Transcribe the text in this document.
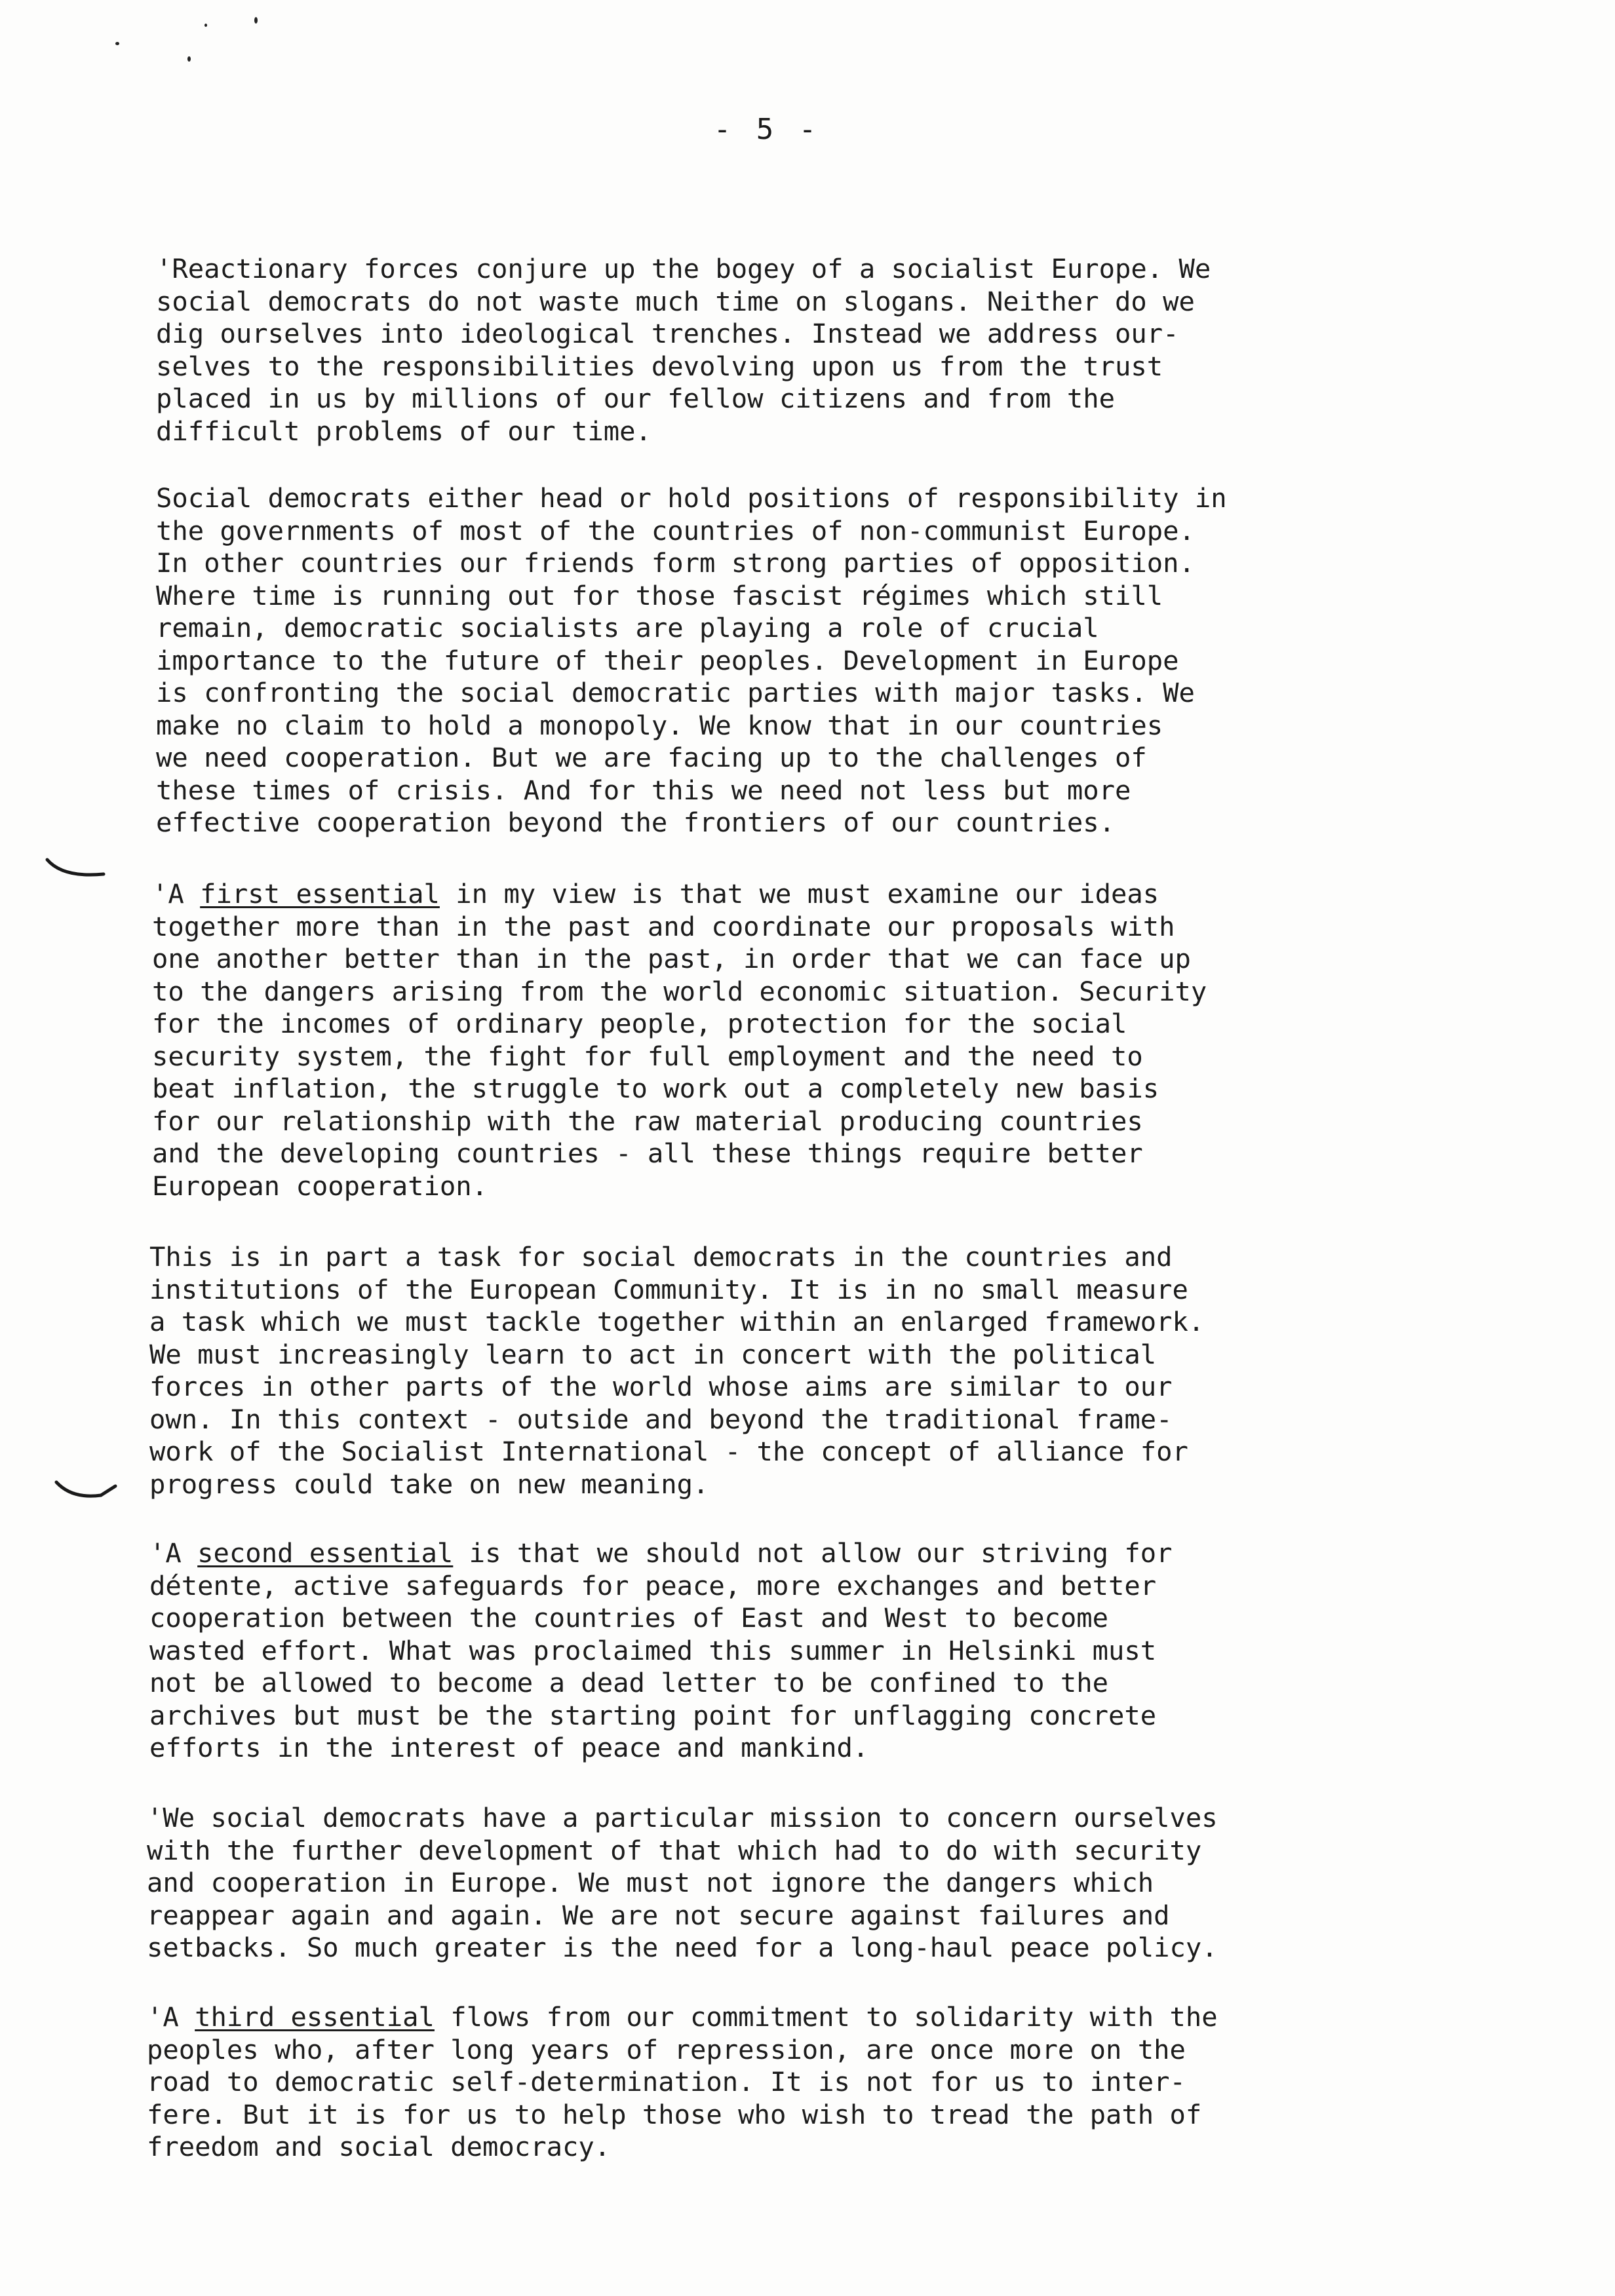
- 5 -

'Reactionary forces conjure up the bogey of a socialist Europe. We
social democrats do not waste much time on slogans. Neither do we
dig ourselves into ideological trenches. Instead we address our-
selves to the responsibilities devolving upon us from the trust
placed in us by millions of our fellow citizens and from the
difficult problems of our time.

Social democrats either head or hold positions of responsibility in
the governments of most of the countries of non-communist Europe.
In other countries our friends form strong parties of opposition.
Where time is running out for those fascist régimes which still
remain, democratic socialists are playing a role of crucial
importance to the future of their peoples. Development in Europe
is confronting the social democratic parties with major tasks. We
make no claim to hold a monopoly. We know that in our countries
we need cooperation. But we are facing up to the challenges of
these times of crisis. And for this we need not less but more
effective cooperation beyond the frontiers of our countries.

'A first essential in my view is that we must examine our ideas
together more than in the past and coordinate our proposals with
one another better than in the past, in order that we can face up
to the dangers arising from the world economic situation. Security
for the incomes of ordinary people, protection for the social
security system, the fight for full employment and the need to
beat inflation, the struggle to work out a completely new basis
for our relationship with the raw material producing countries
and the developing countries - all these things require better
European cooperation.

This is in part a task for social democrats in the countries and
institutions of the European Community. It is in no small measure
a task which we must tackle together within an enlarged framework.
We must increasingly learn to act in concert with the political
forces in other parts of the world whose aims are similar to our
own. In this context - outside and beyond the traditional frame-
work of the Socialist International - the concept of alliance for
progress could take on new meaning.

'A second essential is that we should not allow our striving for
détente, active safeguards for peace, more exchanges and better
cooperation between the countries of East and West to become
wasted effort. What was proclaimed this summer in Helsinki must
not be allowed to become a dead letter to be confined to the
archives but must be the starting point for unflagging concrete
efforts in the interest of peace and mankind.

'We social democrats have a particular mission to concern ourselves
with the further development of that which had to do with security
and cooperation in Europe. We must not ignore the dangers which
reappear again and again. We are not secure against failures and
setbacks. So much greater is the need for a long-haul peace policy.

'A third essential flows from our commitment to solidarity with the
peoples who, after long years of repression, are once more on the
road to democratic self-determination. It is not for us to inter-
fere. But it is for us to help those who wish to tread the path of
freedom and social democracy.
